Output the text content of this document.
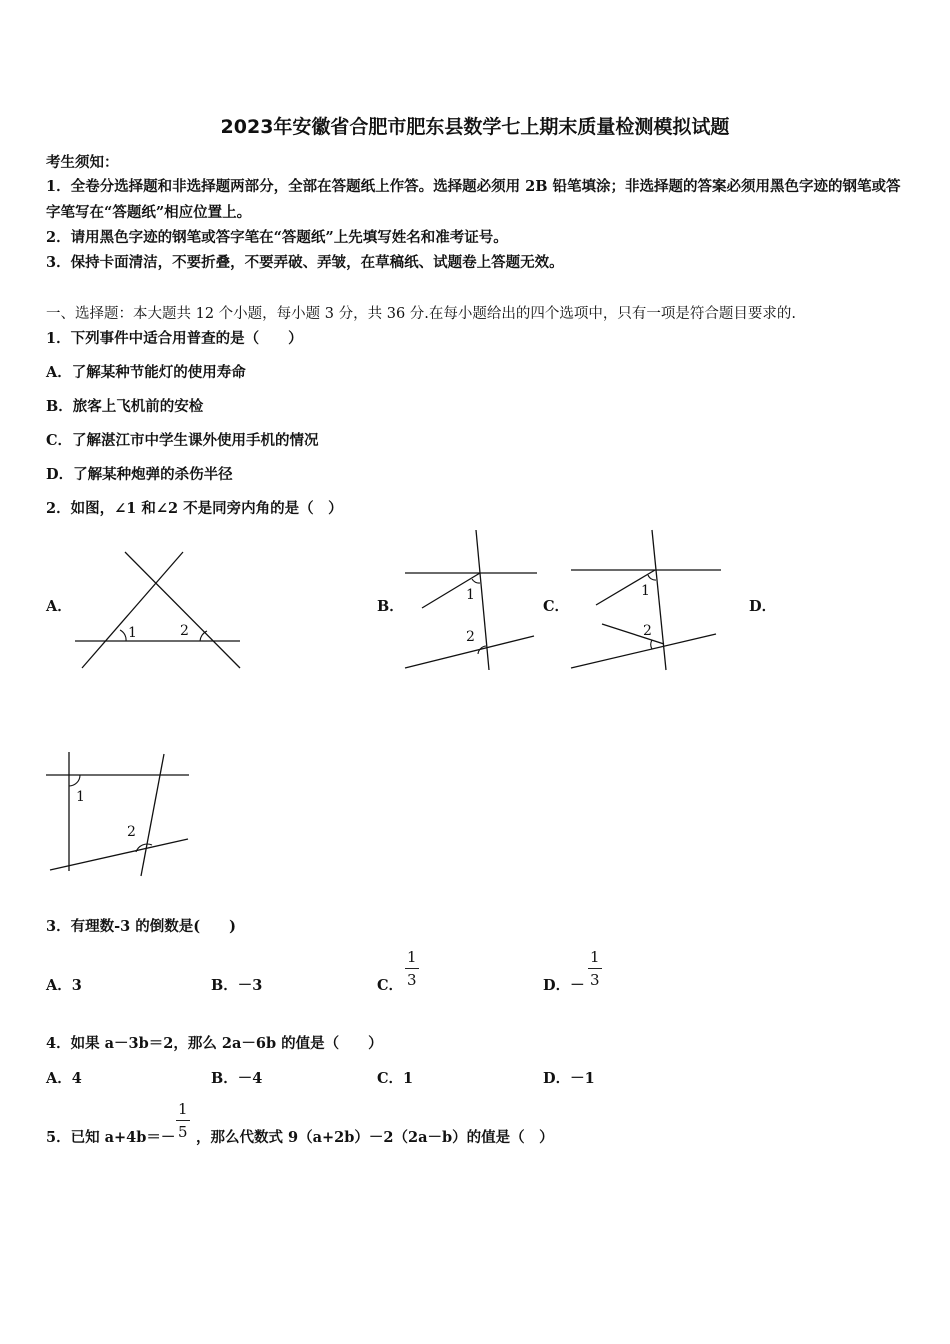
2023年安徽省合肥市肥东县数学七上期末质量检测模拟试题
考生须知：
1．全卷分选择题和非选择题两部分，全部在答题纸上作答。选择题必须用 2B 铅笔填涂；非选择题的答案必须用黑色字迹的钢笔或答字笔写在“答题纸”相应位置上。
2．请用黑色字迹的钢笔或答字笔在“答题纸”上先填写姓名和准考证号。
3．保持卡面清洁，不要折叠，不要弄破、弄皱，在草稿纸、试题卷上答题无效。
一、选择题：本大题共 12 个小题，每小题 3 分，共 36 分.在每小题给出的四个选项中，只有一项是符合题目要求的.
1．下列事件中适合用普查的是（　　）
A．了解某种节能灯的使用寿命
B．旅客上飞机前的安检
C．了解湛江市中学生课外使用手机的情况
D．了解某种炮弹的杀伤半径
2．如图，∠1 和∠2 不是同旁内角的是（　）
A．	B．	C．	D．
1	2
1
2
1
2
1
2
3．有理数-3 的倒数是(　　)
A．3	B．－3	C．
1
3	D．－
1
3
4．如果 a－3b＝2，那么 2a－6b 的值是（　　）
A．4	B．－4	C．1	D．－1
5．已知 a+4b＝－
1
5 ，那么代数式 9（a+2b）－2（2a－b）的值是（　）
